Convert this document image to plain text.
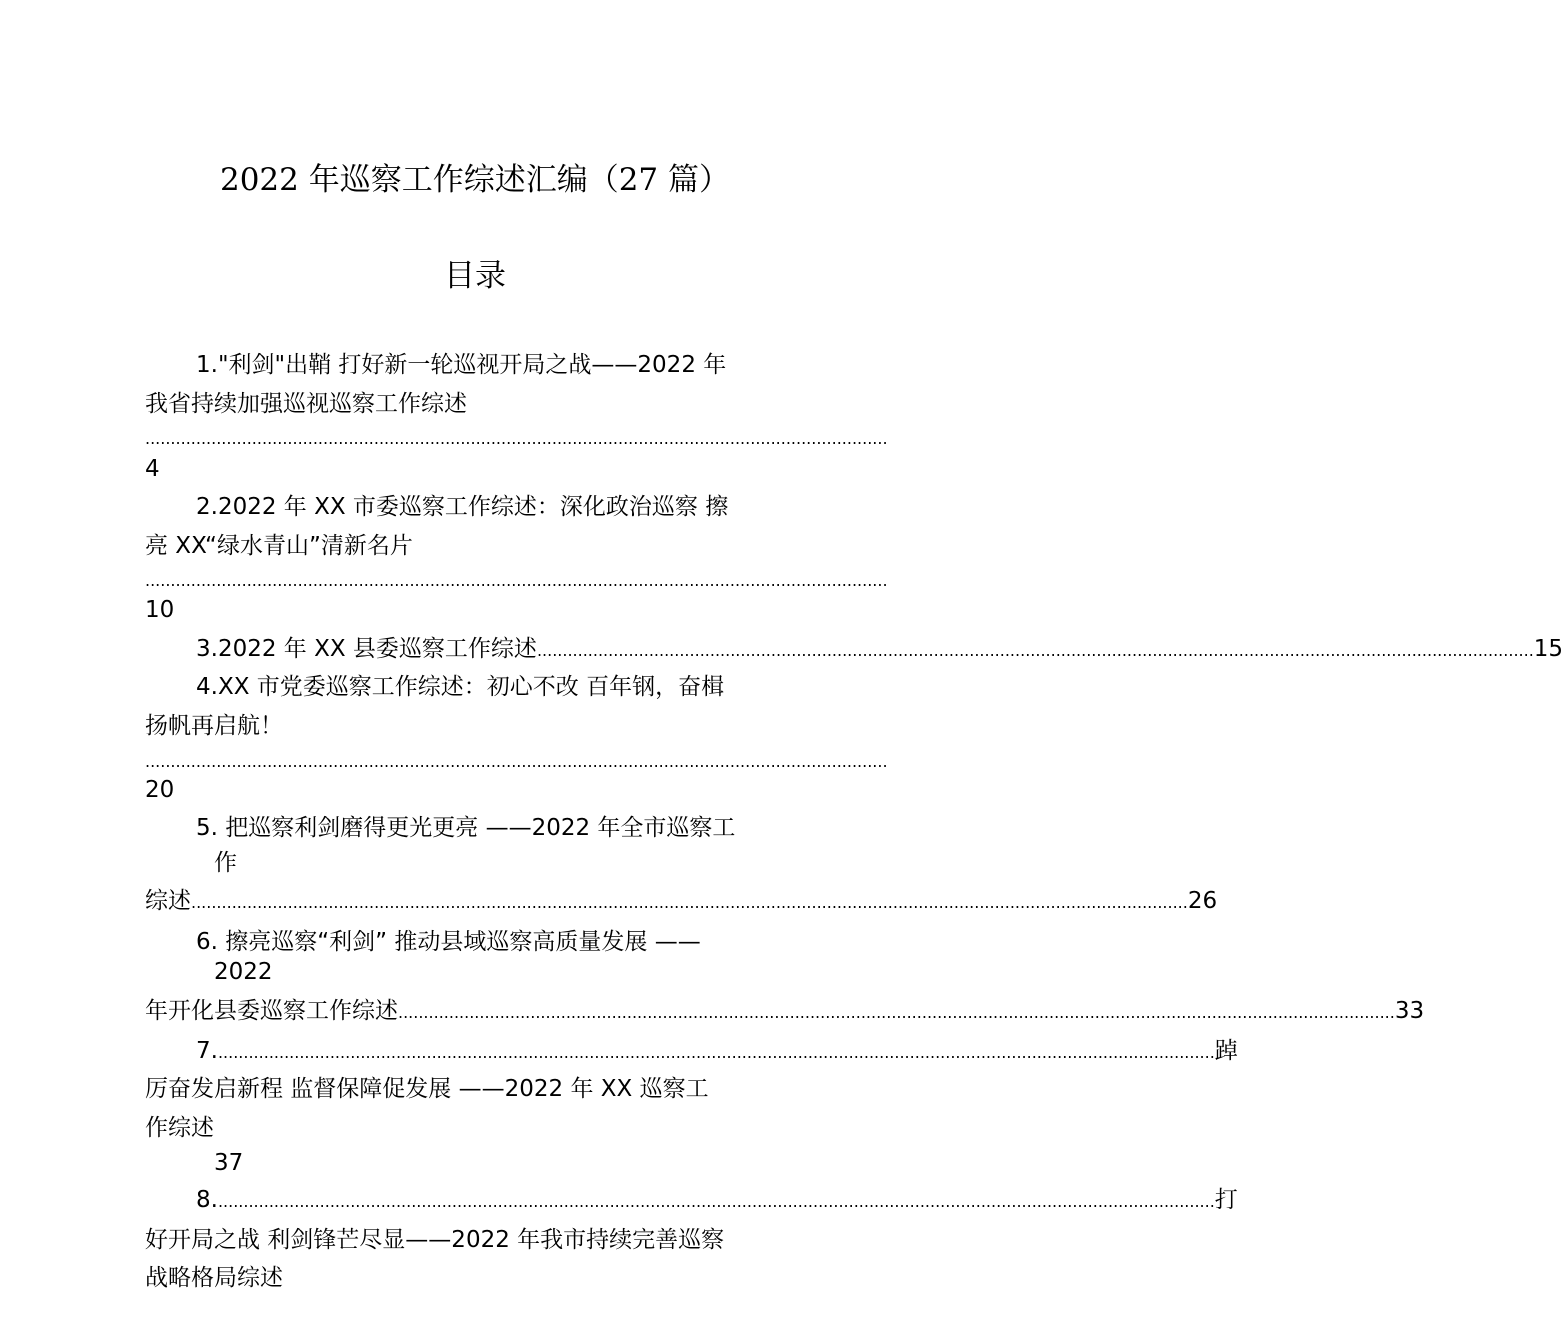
2022 年巡察工作综述汇编（27 篇）
目录
1."利剑"出鞘 打好新一轮巡视开局之战——2022 年
我省持续加强巡视巡察工作综述
..................................................................................................................................................
4
2.2022 年 XX 市委巡察工作综述：深化政治巡察 擦
亮 XX“绿水青山”清新名片
..................................................................................................................................................
10
3.2022 年 XX 县委巡察工作综述 .....	15
4.XX 市党委巡察工作综述：初心不改 百年钢，奋楫
扬帆再启航！
..................................................................................................................................................
20
5. 把巡察利剑磨得更光更亮 ——2022 年全市巡察工
作
综述 .....	26
6. 擦亮巡察“利剑” 推动县域巡察高质量发展 ——
2022
年开化县委巡察工作综述 .....	33
7. .....	踔
厉奋发启新程 监督保障促发展 ——2022 年 XX 巡察工
作综述
37
8. .....	打
好开局之战 利剑锋芒尽显——2022 年我市持续完善巡察
战略格局综述
